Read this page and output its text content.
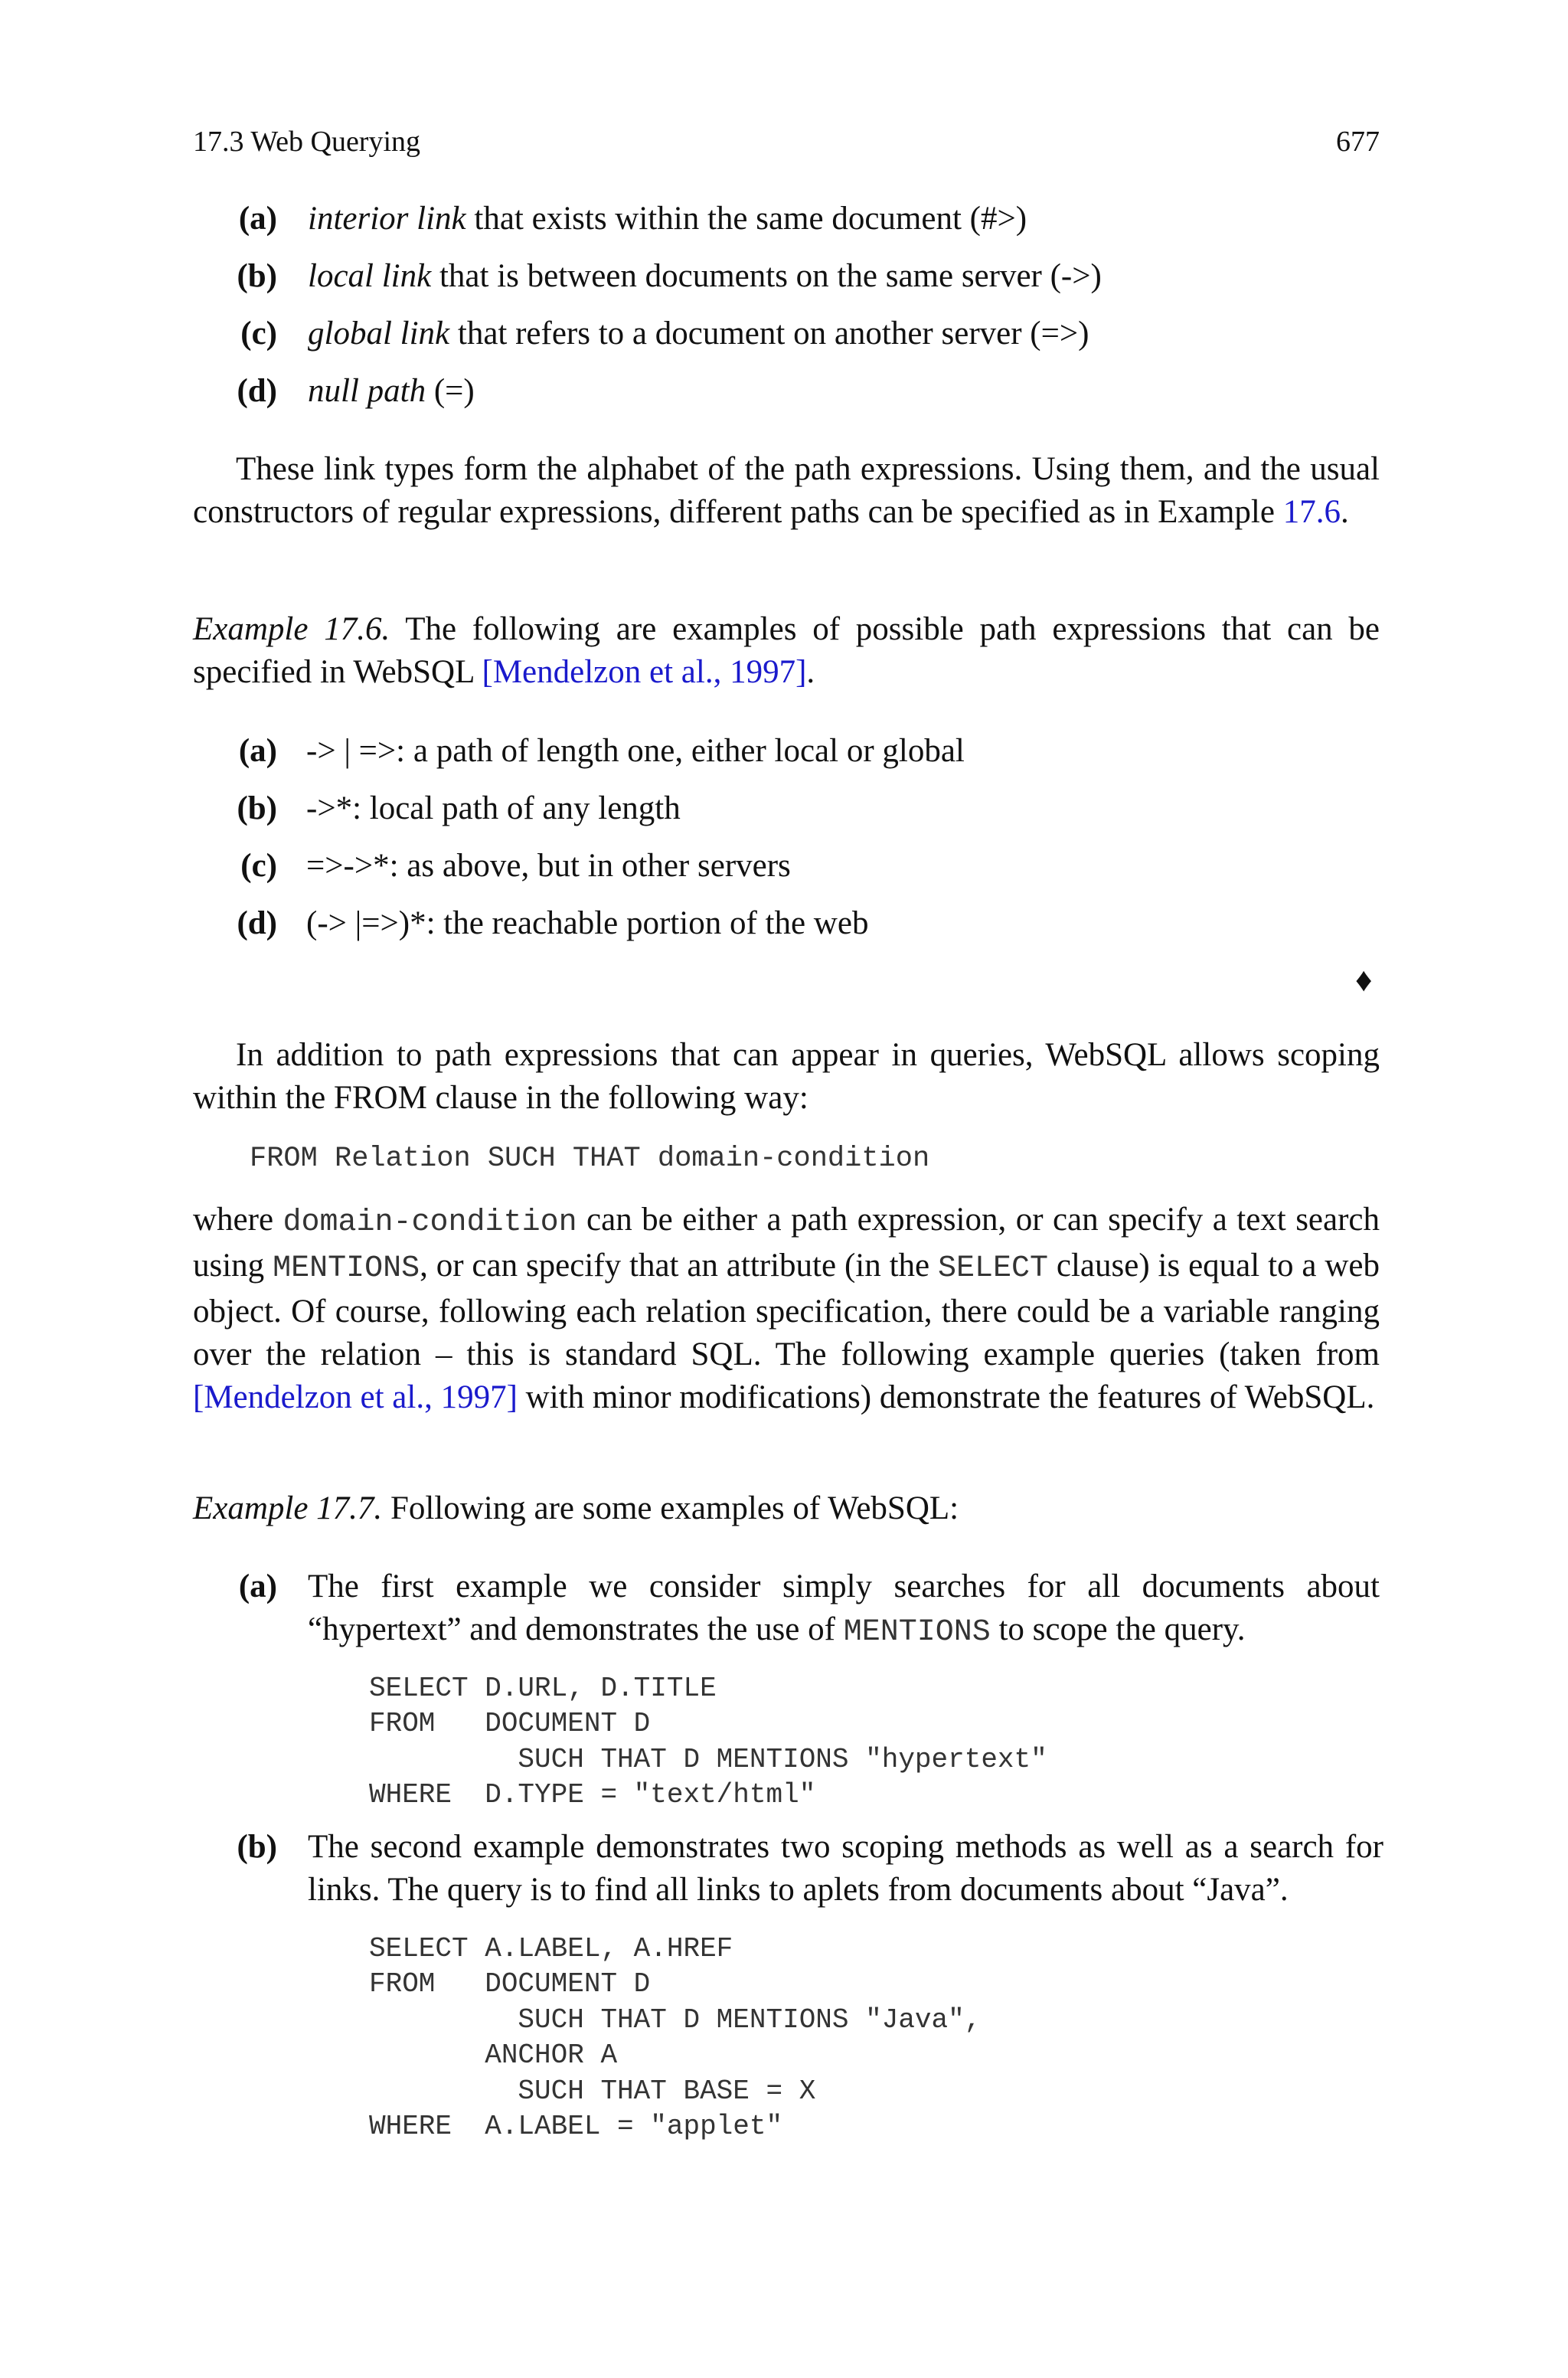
17.3 Web Querying	677
(a) interior link that exists within the same document (#>)
(b) local link that is between documents on the same server (->)
(c) global link that refers to a document on another server (=>)
(d) null path (=)
These link types form the alphabet of the path expressions. Using them, and the usual constructors of regular expressions, different paths can be specified as in Example 17.6.
Example 17.6. The following are examples of possible path expressions that can be specified in WebSQL [Mendelzon et al., 1997].
(a) -> | =>: a path of length one, either local or global
(b) ->*: local path of any length
(c) =>->*: as above, but in other servers
(d) (-> |=>)*: the reachable portion of the web
♦
In addition to path expressions that can appear in queries, WebSQL allows scoping within the FROM clause in the following way:
FROM Relation SUCH THAT domain-condition
where domain-condition can be either a path expression, or can specify a text search using MENTIONS, or can specify that an attribute (in the SELECT clause) is equal to a web object. Of course, following each relation specification, there could be a variable ranging over the relation – this is standard SQL. The following example queries (taken from [Mendelzon et al., 1997] with minor modifications) demonstrate the features of WebSQL.
Example 17.7. Following are some examples of WebSQL:
(a) The first example we consider simply searches for all documents about “hypertext” and demonstrates the use of MENTIONS to scope the query.
SELECT D.URL, D.TITLE
FROM   DOCUMENT D
SUCH THAT D MENTIONS "hypertext"
WHERE  D.TYPE = "text/html"
(b) The second example demonstrates two scoping methods as well as a search for links. The query is to find all links to aplets from documents about “Java”.
SELECT A.LABEL, A.HREF
FROM   DOCUMENT D
SUCH THAT D MENTIONS "Java",
ANCHOR A
SUCH THAT BASE = X
WHERE  A.LABEL = "applet"
